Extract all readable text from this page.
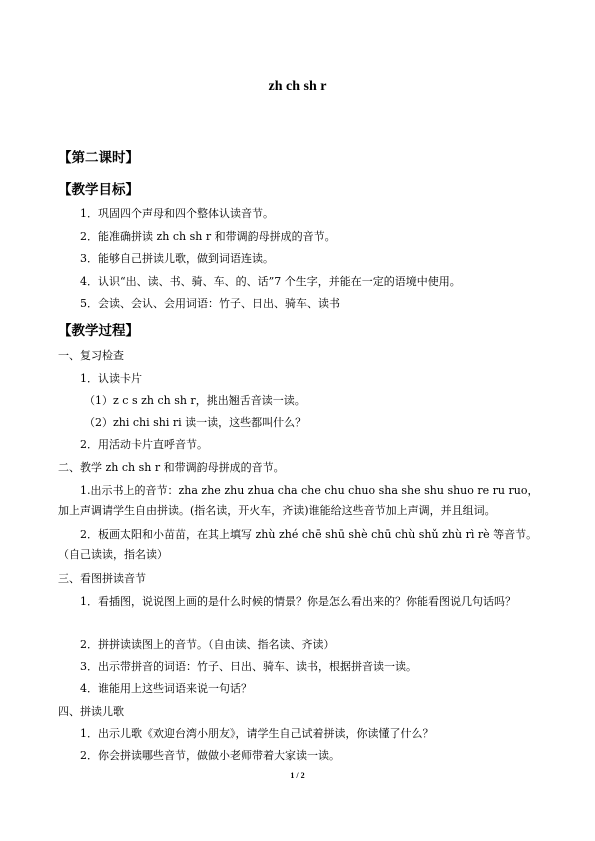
zh ch sh r
【第二课时】
【教学目标】
1．巩固四个声母和四个整体认读音节。
2．能准确拼读 zh ch sh r 和带调韵母拼成的音节。
3．能够自己拼读儿歌，做到词语连读。
4．认识“出、读、书、骑、车、的、话”7 个生字，并能在一定的语境中使用。
5．会读、会认、会用词语：竹子、日出、骑车、读书
【教学过程】
一、复习检查
1．认读卡片
（1）z c s zh ch sh r，挑出翘舌音读一读。
（2）zhi chi shi ri 读一读，这些都叫什么？
2．用活动卡片直呼音节。
二、教学 zh ch sh r 和带调韵母拼成的音节。
1.出示书上的音节：zha zhe zhu zhua cha che chu chuo sha she shu shuo re ru ruo，加上声调请学生自由拼读。(指名读，开火车，齐读)谁能给这些音节加上声调，并且组词。
2．板画太阳和小苗苗，在其上填写 zhù zhé chē shū shè chū chù shǔ zhù rì rè 等音节。（自己读读，指名读）
三、看图拼读音节
1．看插图，说说图上画的是什么时候的情景？你是怎么看出来的？你能看图说几句话吗？
2．拼拼读读图上的音节。（自由读、指名读、齐读）
3．出示带拼音的词语：竹子、日出、骑车、读书，根据拼音读一读。
4．谁能用上这些词语来说一句话？
四、拼读儿歌
1．出示儿歌《欢迎台湾小朋友》，请学生自己试着拼读，你读懂了什么？
2．你会拼读哪些音节，做做小老师带着大家读一读。
1 / 2
